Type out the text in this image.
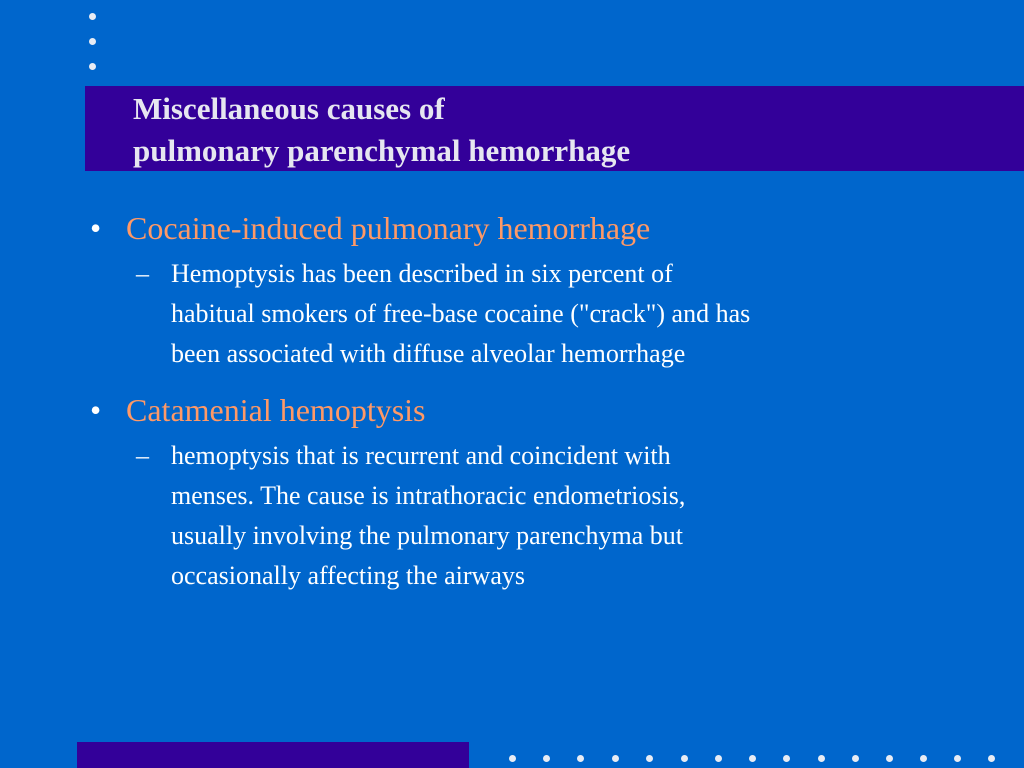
Miscellaneous causes of
pulmonary parenchymal hemorrhage
• Cocaine-induced pulmonary hemorrhage
– Hemoptysis has been described in six percent of
habitual smokers of free-base cocaine ("crack") and has
been associated with diffuse alveolar hemorrhage
• Catamenial hemoptysis
– hemoptysis that is recurrent and coincident with
menses. The cause is intrathoracic endometriosis,
usually involving the pulmonary parenchyma but
occasionally affecting the airways
